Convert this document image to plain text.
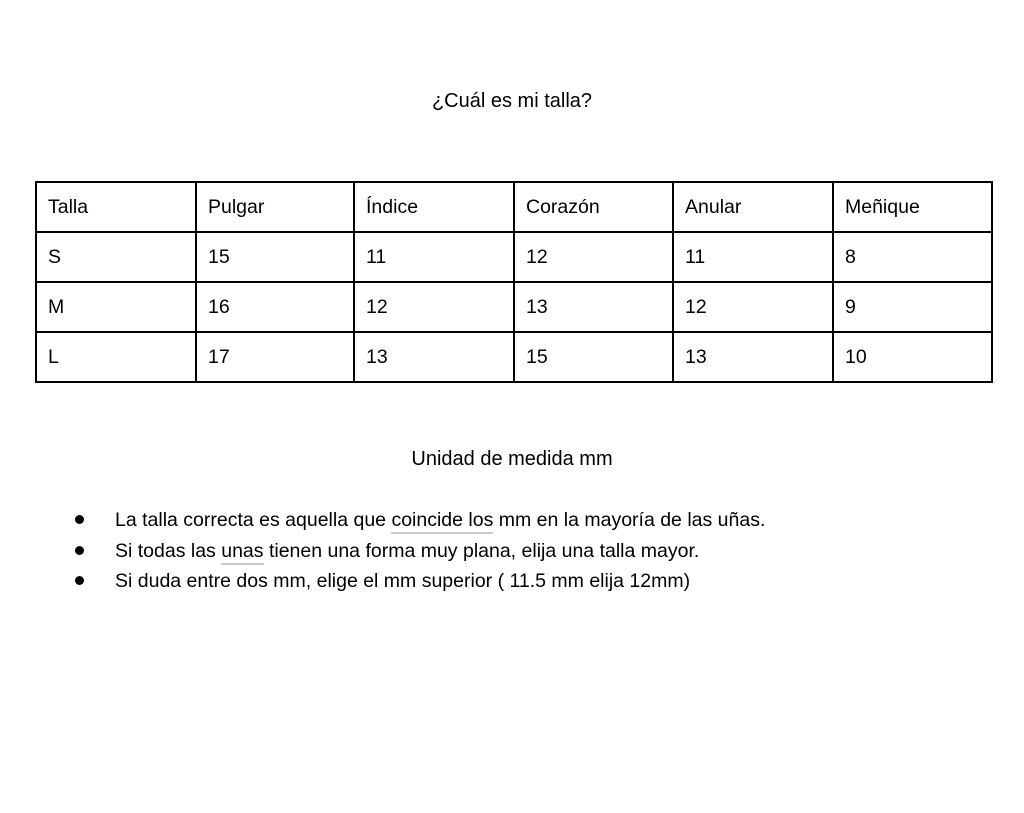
¿Cuál es mi talla?
Talla	Pulgar	Índice	Corazón	Anular	Meñique
S	15	11	12	11	8
M	16	12	13	12	9
L	17	13	15	13	10
Unidad de medida mm
La talla correcta es aquella que coincide los mm en la mayoría de las uñas.
Si todas las unas tienen una forma muy plana, elija una talla mayor.
Si duda entre dos mm, elige el mm superior ( 11.5 mm elija 12mm)
